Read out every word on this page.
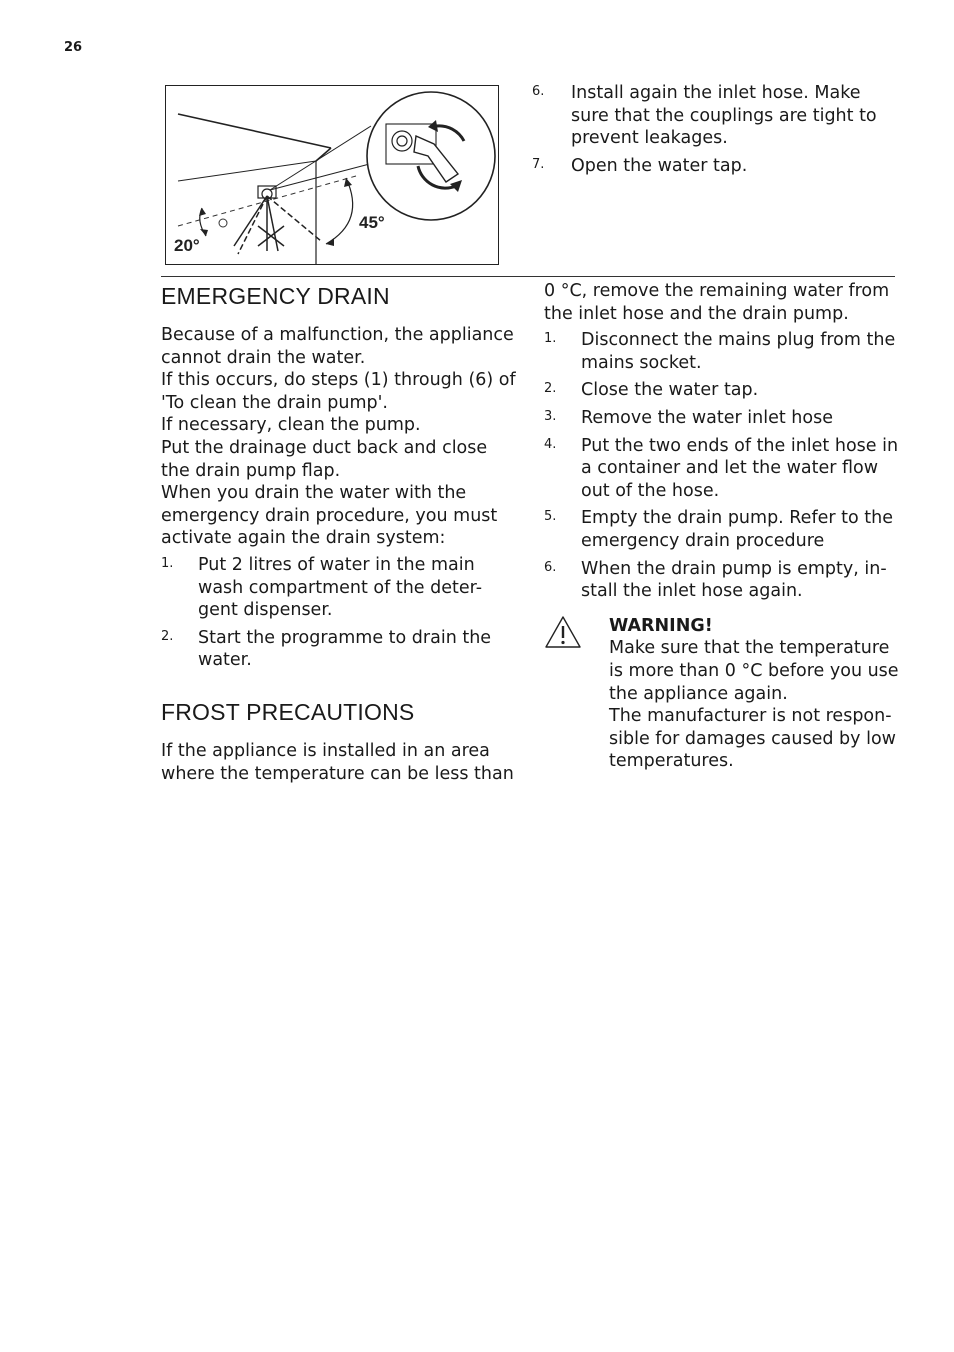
26
20°
45°
6. Install again the inlet hose. Make sure that the couplings are tight to prevent leakages.
7. Open the water tap.
EMERGENCY DRAIN

Because of a malfunction, the appliance cannot drain the water.

If this occurs, do steps (1) through (6) of 'To clean the drain pump'.

If necessary, clean the pump.

Put the drainage duct back and close the drain pump flap.

When you drain the water with the emergency drain procedure, you must activate again the drain system:

1. Put 2 litres of water in the main wash compartment of the deter-gent dispenser.
2. Start the programme to drain the water.
FROST PRECAUTIONS

If the appliance is installed in an area where the temperature can be less than

0 °C, remove the remaining water from the inlet hose and the drain pump.

1. Disconnect the mains plug from the mains socket.
2. Close the water tap.
3. Remove the water inlet hose
4. Put the two ends of the inlet hose in a container and let the water flow out of the hose.
5. Empty the drain pump. Refer to the emergency drain procedure
6. When the drain pump is empty, in-stall the inlet hose again.
WARNING!

Make sure that the temperature is more than 0 °C before you use the appliance again.

The manufacturer is not respon-sible for damages caused by low temperatures.
